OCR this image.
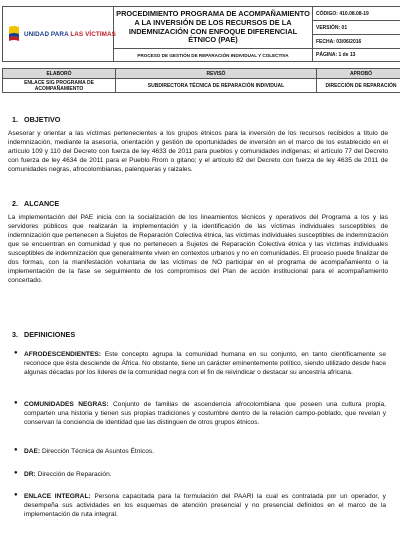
UNIDAD PARA LAS VÍCTIMAS	PROCEDIMIENTO PROGRAMA DE ACOMPAÑAMIENTO A LA INVERSIÓN DE LOS RECURSOS DE LA INDEMNIZACIÓN CON ENFOQUE DIFERENCIAL ÉTNICO (PAE)	CÓDIGO: 410.08.08-19
		VERSIÓN: 01
		FECHA: 03/06/2016
	PROCESO DE GESTIÓN DE REPARACIÓN INDIVIDUAL Y COLECTIVA	PÁGINA: 1 de 13
ELABORÓ	REVISÓ	APROBÓ
ENLACE SIG PROGRAMA DE ACOMPAÑAMIENTO	SUBDIRECTORA TÉCNICA DE REPARACIÓN INDIVIDUAL	DIRECCIÓN DE REPARACIÓN
1. OBJETIVO
Asesorar y orientar a las víctimas pertenecientes a los grupos étnicos para la inversión de los recursos recibidos a título de indemnización, mediante la asesoría, orientación y gestión de oportunidades de inversión en el marco de los establecido en el artículo 109 y 110 del Decreto con fuerza de ley 4633 de 2011 para pueblos y comunidades indígenas; el artículo 77 del Decreto con fuerza de ley 4634 de 2011 para el Pueblo Rrom o gitano; y el artículo 82 del Decreto con fuerza de ley 4635 de 2011 de comunidades negras, afrocolombianas, palenqueras y raizales.
2. ALCANCE
La implementación del PAE inicia con la socialización de los lineamientos técnicos y operativos del Programa a los y las servidores públicos que realizarán la implementación y la identificación de las víctimas individuales susceptibles de indemnización que pertenecen a Sujetos de Reparación Colectiva étnica, las víctimas individuales susceptibles de indemnización que se encuentran en comunidad y que no pertenecen a Sujetos de Reparación Colectiva étnica y las víctimas individuales susceptibles de indemnización que generalmente viven en contextos urbanos y no en comunidades. El proceso puede finalizar de dos formas, con la manifestación voluntaria de las víctimas de NO participar en el programa de acompañamiento o la implementación de la fase se seguimiento de los compromisos del Plan de acción institucional para el acompañamiento concertado.
3. DEFINICIONES
● AFRODESCENDIENTES: Este concepto agrupa la comunidad humana en su conjunto, en tanto científicamente se reconoce que ésta desciende de África. No obstante, tiene un carácter eminentemente político, siendo utilizado desde hace algunas décadas por los líderes de la comunidad negra con el fin de reivindicar o destacar su ancestría africana.
● COMUNIDADES NEGRAS: Conjunto de familias de ascendencia afrocolombiana que poseen una cultura propia, comparten una historia y tienen sus propias tradiciones y costumbre dentro de la relación campo-poblado, que revelan y conservan la conciencia de identidad que las distinguen de otros grupos étnicos.
● DAE: Dirección Técnica de Asuntos Étnicos.
● DR: Dirección de Reparación.
● ENLACE INTEGRAL: Persona capacitada para la formulación del PAARI la cual es contratada por un operador, y desempeña sus actividades en los esquemas de atención presencial y no presencial definidos en el marco de la implementación de ruta integral.
